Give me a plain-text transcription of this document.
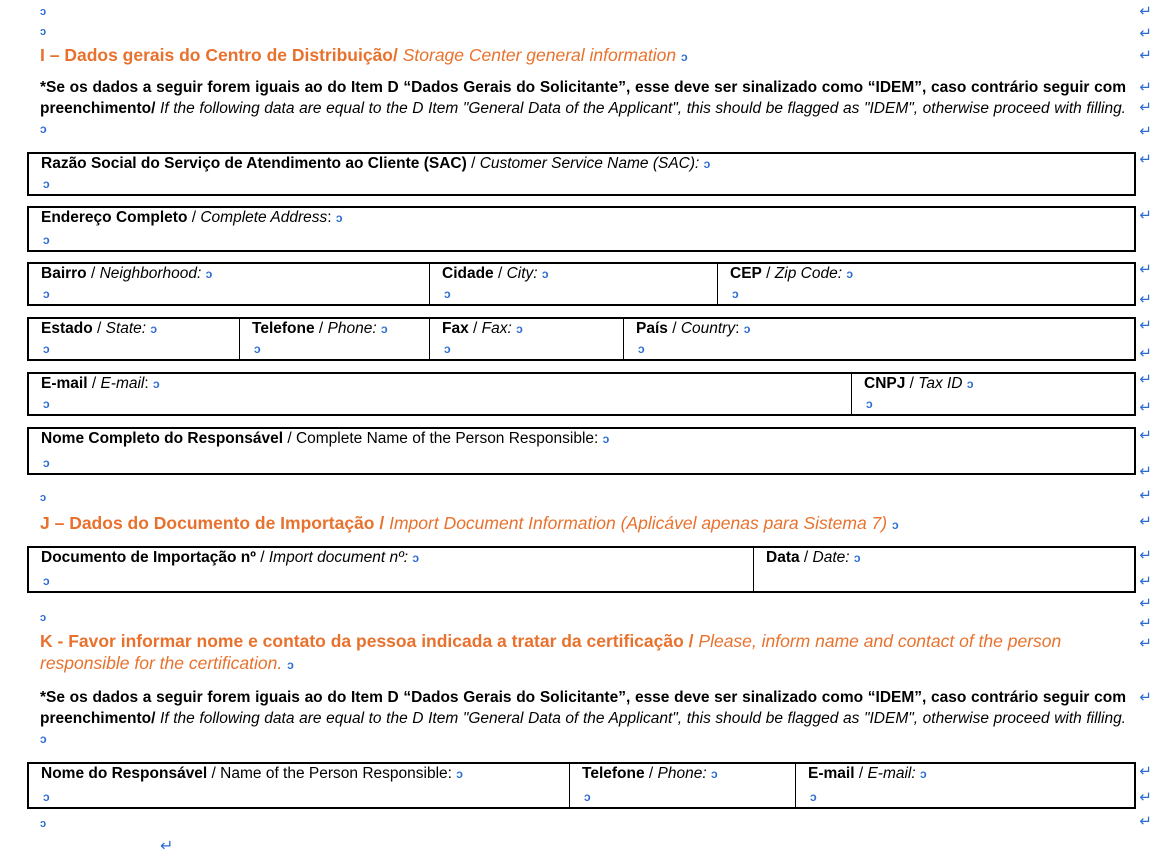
ↄ
ↄ
↵
↵
↵
↵
↵
↵
↵
↵
↵
↵
↵
↵
↵
↵
↵
↵
↵
↵
↵
↵
↵
↵
↵
↵
↵
↵
↵
I – Dados gerais do Centro de Distribuição/ Storage Center general information ↄ
*Se os dados a seguir forem iguais ao do Item D “Dados Gerais do Solicitante”, esse deve ser sinalizado como “IDEM”, caso contrário seguir com preenchimento/ If the following data are equal to the D Item "General Data of the Applicant", this should be flagged as "IDEM", otherwise proceed with filling. ↄ
Razão Social do Serviço de Atendimento ao Cliente (SAC) / Customer Service Name (SAC): ↄ
ↄ
Endereço Completo / Complete Address: ↄ
ↄ
Bairro / Neighborhood: ↄ
ↄ
Cidade / City: ↄ
ↄ
CEP / Zip Code: ↄ
ↄ
Estado / State: ↄ
ↄ
Telefone / Phone: ↄ
ↄ
Fax / Fax: ↄ
ↄ
País / Country: ↄ
ↄ
E-mail / E-mail: ↄ
ↄ
CNPJ / Tax ID ↄ
ↄ
Nome Completo do Responsável / Complete Name of the Person Responsible: ↄ
ↄ
ↄ
J – Dados do Documento de Importação / Import Document Information (Aplicável apenas para Sistema 7) ↄ
Documento de Importação nº / Import document nº: ↄ
ↄ
Data / Date: ↄ
ↄ
K - Favor informar nome e contato da pessoa indicada a tratar da certificação / Please, inform name and contact of the person responsible for the certification. ↄ
*Se os dados a seguir forem iguais ao do Item D “Dados Gerais do Solicitante”, esse deve ser sinalizado como “IDEM”, caso contrário seguir com preenchimento/ If the following data are equal to the D Item "General Data of the Applicant", this should be flagged as "IDEM", otherwise proceed with filling. ↄ
Nome do Responsável / Name of the Person Responsible: ↄ
ↄ
Telefone / Phone: ↄ
ↄ
E-mail / E-mail: ↄ
ↄ
ↄ
↵
